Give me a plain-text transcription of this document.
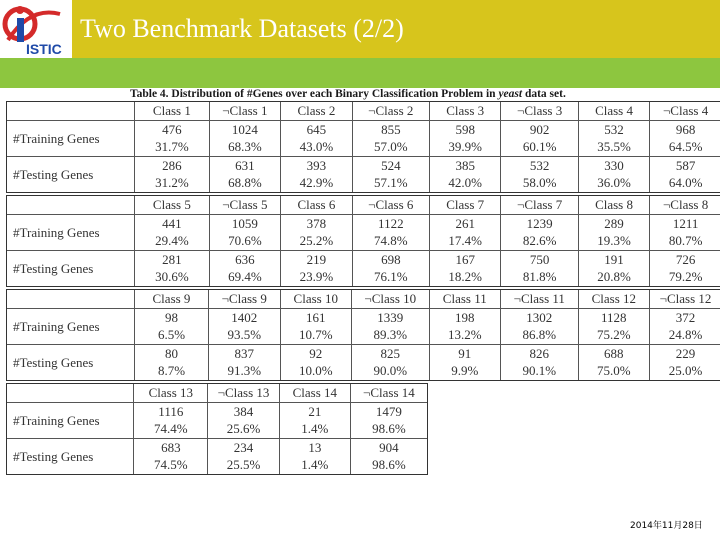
ISTIC
Two Benchmark Datasets (2/2)
Table 4. Distribution of #Genes over each Binary Classification Problem in yeast data set.
	Class 1	¬Class 1	Class 2	¬Class 2	Class 3	¬Class 3	Class 4	¬Class 4
#Training Genes	476	1024	645	855	598	902	532	968
	31.7%	68.3%	43.0%	57.0%	39.9%	60.1%	35.5%	64.5%
#Testing Genes	286	631	393	524	385	532	330	587
	31.2%	68.8%	42.9%	57.1%	42.0%	58.0%	36.0%	64.0%
	Class 5	¬Class 5	Class 6	¬Class 6	Class 7	¬Class 7	Class 8	¬Class 8
#Training Genes	441	1059	378	1122	261	1239	289	1211
	29.4%	70.6%	25.2%	74.8%	17.4%	82.6%	19.3%	80.7%
#Testing Genes	281	636	219	698	167	750	191	726
	30.6%	69.4%	23.9%	76.1%	18.2%	81.8%	20.8%	79.2%
	Class 9	¬Class 9	Class 10	¬Class 10	Class 11	¬Class 11	Class 12	¬Class 12
#Training Genes	98	1402	161	1339	198	1302	1128	372
	6.5%	93.5%	10.7%	89.3%	13.2%	86.8%	75.2%	24.8%
#Testing Genes	80	837	92	825	91	826	688	229
	8.7%	91.3%	10.0%	90.0%	9.9%	90.1%	75.0%	25.0%
	Class 13	¬Class 13	Class 14	¬Class 14
#Training Genes	1116	384	21	1479
	74.4%	25.6%	1.4%	98.6%
#Testing Genes	683	234	13	904
	74.5%	25.5%	1.4%	98.6%
2014年11月28日
